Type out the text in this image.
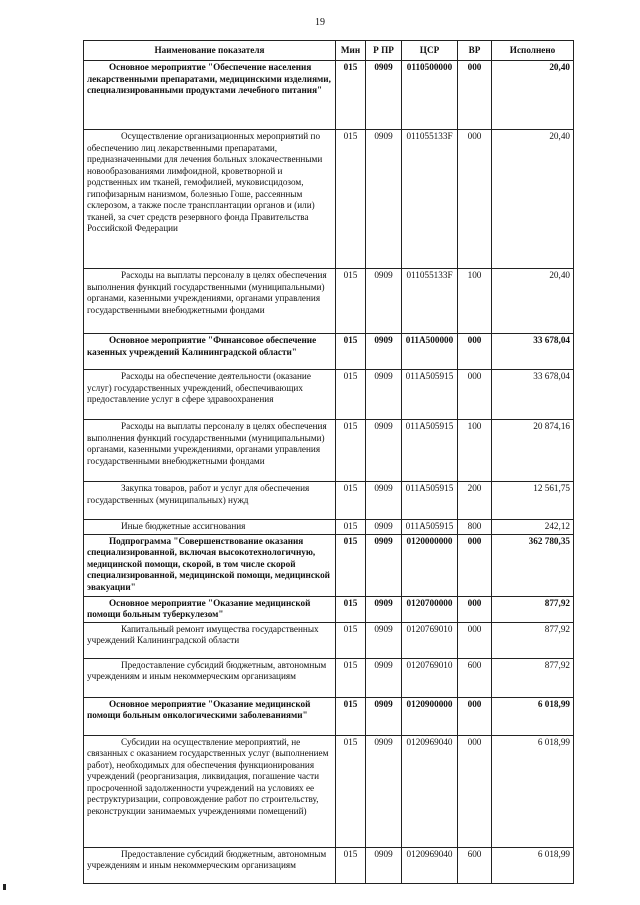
19
Наименование показателя	Мин	Р ПР	ЦСР	ВР	Исполнено
Основное мероприятие "Обеспечение населения лекарственными препаратами, медицинскими изделиями, специализированными продуктами лечебного питания"	015	0909	0110500000	000	20,40
Осуществление организационных мероприятий по обеспечению лиц лекарственными препаратами, предназначенными для лечения больных злокачественными новообразованиями лимфоидной, кроветворной и родственных им тканей, гемофилией, муковисцидозом, гипофизарным нанизмом, болезнью Гоше, рассеянным склерозом, а также после трансплантации органов и (или) тканей, за счет средств резервного фонда Правительства Российской Федерации	015	0909	011055133F	000	20,40
Расходы на выплаты персоналу в целях обеспечения выполнения функций государственными (муниципальными) органами, казенными учреждениями, органами управления государственными внебюджетными фондами	015	0909	011055133F	100	20,40
Основное мероприятие "Финансовое обеспечение казенных учреждений Калининградской области"	015	0909	011А500000	000	33 678,04
Расходы на обеспечение деятельности (оказание услуг) государственных учреждений, обеспечивающих предоставление услуг в сфере здравоохранения	015	0909	011А505915	000	33 678,04
Расходы на выплаты персоналу в целях обеспечения выполнения функций государственными (муниципальными) органами, казенными учреждениями, органами управления государственными внебюджетными фондами	015	0909	011А505915	100	20 874,16
Закупка товаров, работ и услуг для обеспечения государственных (муниципальных) нужд	015	0909	011А505915	200	12 561,75
Иные бюджетные ассигнования	015	0909	011А505915	800	242,12
Подпрограмма "Совершенствование оказания специализированной, включая высокотехнологичную, медицинской помощи, скорой, в том числе скорой специализированной, медицинской помощи, медицинской эвакуации"	015	0909	0120000000	000	362 780,35
Основное мероприятие "Оказание медицинской помощи больным туберкулезом"	015	0909	0120700000	000	877,92
Капитальный ремонт имущества государственных учреждений Калининградской области	015	0909	0120769010	000	877,92
Предоставление субсидий бюджетным, автономным учреждениям и иным некоммерческим организациям	015	0909	0120769010	600	877,92
Основное мероприятие "Оказание медицинской помощи больным онкологическими заболеваниями"	015	0909	0120900000	000	6 018,99
Субсидии на осуществление мероприятий, не связанных с оказанием государственных услуг (выполнением работ), необходимых для обеспечения функционирования учреждений (реорганизация, ликвидация, погашение части просроченной задолженности учреждений на условиях ее реструктуризации, сопровождение работ по строительству, реконструкции занимаемых учреждениями помещений)	015	0909	0120969040	000	6 018,99
Предоставление субсидий бюджетным, автономным учреждениям и иным некоммерческим организациям	015	0909	0120969040	600	6 018,99
